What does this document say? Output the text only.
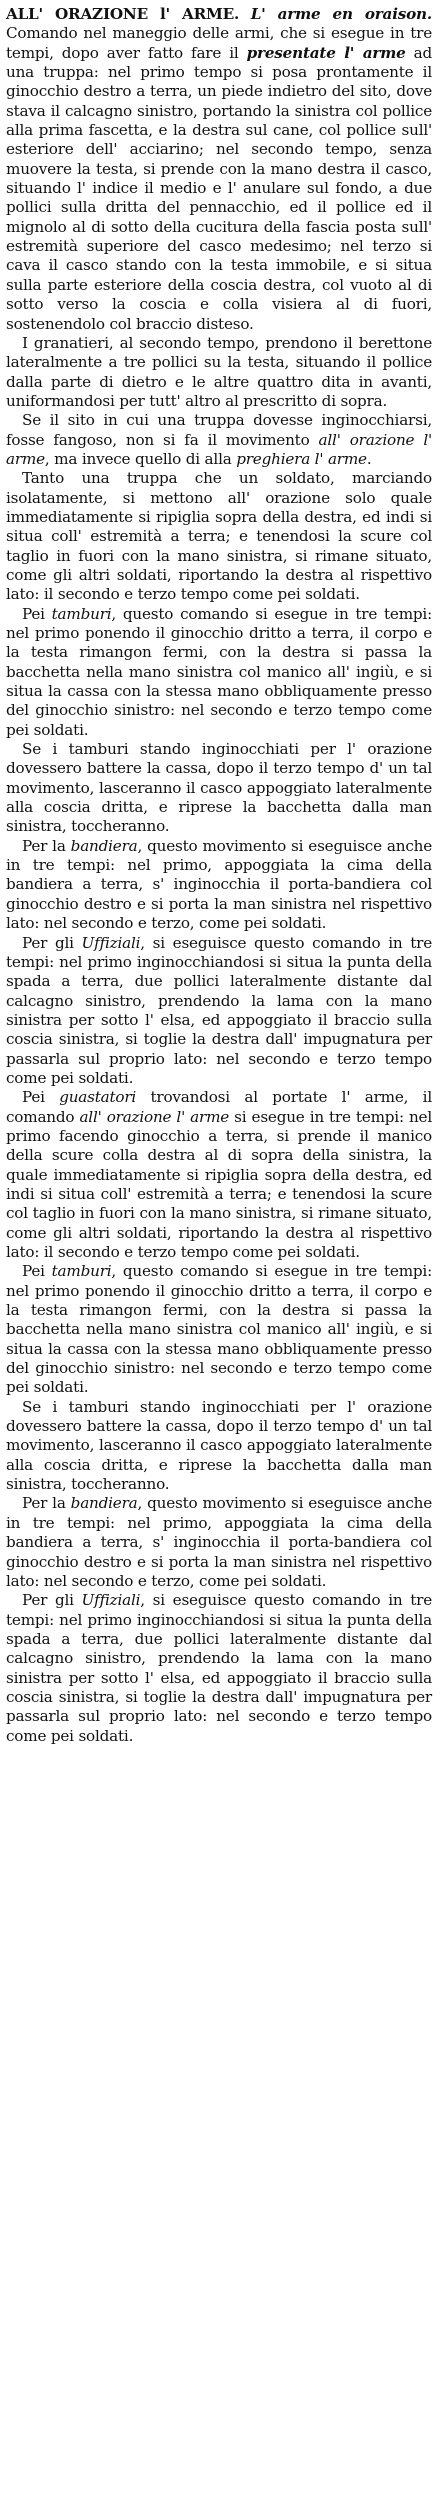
ALL' ORAZIONE l' ARME. L' arme en oraison. Comando nel maneggio delle armi, che si esegue in tre tempi, dopo aver fatto fare il presentate l' arme ad una truppa: nel primo tempo si posa prontamente il ginocchio destro a terra, un piede indietro del sito, dove stava il calcagno sinistro, portando la sinistra col pollice alla prima fascetta, e la destra sul cane, col pollice sull' esteriore dell' acciarino; nel secondo tempo, senza muovere la testa, si prende con la mano destra il casco, situando l' indice il medio e l' anulare sul fondo, a due pollici sulla dritta del pennacchio, ed il pollice ed il mignolo al di sotto della cucitura della fascia posta sull' estremità superiore del casco medesimo; nel terzo si cava il casco stando con la testa immobile, e si situa sulla parte esteriore della coscia destra, col vuoto al di sotto verso la coscia e colla visiera al di fuori, sostenendolo col braccio disteso.

I granatieri, al secondo tempo, prendono il berettone lateralmente a tre pollici su la testa, situando il pollice dalla parte di dietro e le altre quattro dita in avanti, uniformandosi per tutt' altro al prescritto di sopra.

Se il sito in cui una truppa dovesse inginocchiarsi, fosse fangoso, non si fa il movimento all' orazione l' arme, ma invece quello di alla preghiera l' arme.

Tanto una truppa che un soldato, marciando isolatamente, si mettono all' orazione solo quale immediatamente si ripiglia sopra della destra, ed indi si situa coll' estremità a terra; e tenendosi la scure col taglio in fuori con la mano sinistra, si rimane situato, come gli altri soldati, riportando la destra al rispettivo lato: il secondo e terzo tempo come pei soldati.

Pei tamburi, questo comando si esegue in tre tempi: nel primo ponendo il ginocchio dritto a terra, il corpo e la testa rimangon fermi, con la destra si passa la bacchetta nella mano sinistra col manico all' ingiù, e si situa la cassa con la stessa mano obbliquamente presso del ginocchio sinistro: nel secondo e terzo tempo come pei soldati.

Se i tamburi stando inginocchiati per l' orazione dovessero battere la cassa, dopo il terzo tempo d' un tal movimento, lasceranno il casco appoggiato lateralmente alla coscia dritta, e riprese la bacchetta dalla man sinistra, toccheranno.

Per la bandiera, questo movimento si eseguisce anche in tre tempi: nel primo, appoggiata la cima della bandiera a terra, s' inginocchia il porta-bandiera col ginocchio destro e si porta la man sinistra nel rispettivo lato: nel secondo e terzo, come pei soldati.

Per gli Uffiziali, si eseguisce questo comando in tre tempi: nel primo inginocchiandosi si situa la punta della spada a terra, due pollici lateralmente distante dal calcagno sinistro, prendendo la lama con la mano sinistra per sotto l' elsa, ed appoggiato il braccio sulla coscia sinistra, si toglie la destra dall' impugnatura per passarla sul proprio lato: nel secondo e terzo tempo come pei soldati.

Pei guastatori trovandosi al portate l' arme, il comando all' orazione l' arme si esegue in tre tempi: nel primo facendo ginocchio a terra, si prende il manico della scure colla destra al di sopra della sinistra, la quale immediatamente si ripiglia sopra della destra, ed indi si situa coll' estremità a terra; e tenendosi la scure col taglio in fuori con la mano sinistra, si rimane situato, come gli altri soldati, riportando la destra al rispettivo lato: il secondo e terzo tempo come pei soldati.

Pei tamburi, questo comando si esegue in tre tempi: nel primo ponendo il ginocchio dritto a terra, il corpo e la testa rimangon fermi, con la destra si passa la bacchetta nella mano sinistra col manico all' ingiù, e si situa la cassa con la stessa mano obbliquamente presso del ginocchio sinistro: nel secondo e terzo tempo come pei soldati.

Se i tamburi stando inginocchiati per l' orazione dovessero battere la cassa, dopo il terzo tempo d' un tal movimento, lasceranno il casco appoggiato lateralmente alla coscia dritta, e riprese la bacchetta dalla man sinistra, toccheranno.

Per la bandiera, questo movimento si eseguisce anche in tre tempi: nel primo, appoggiata la cima della bandiera a terra, s' inginocchia il porta-bandiera col ginocchio destro e si porta la man sinistra nel rispettivo lato: nel secondo e terzo, come pei soldati.

Per gli Uffiziali, si eseguisce questo comando in tre tempi: nel primo inginocchiandosi si situa la punta della spada a terra, due pollici lateralmente distante dal calcagno sinistro, prendendo la lama con la mano sinistra per sotto l' elsa, ed appoggiato il braccio sulla coscia sinistra, si toglie la destra dall' impugnatura per passarla sul proprio lato: nel secondo e terzo tempo come pei soldati.
